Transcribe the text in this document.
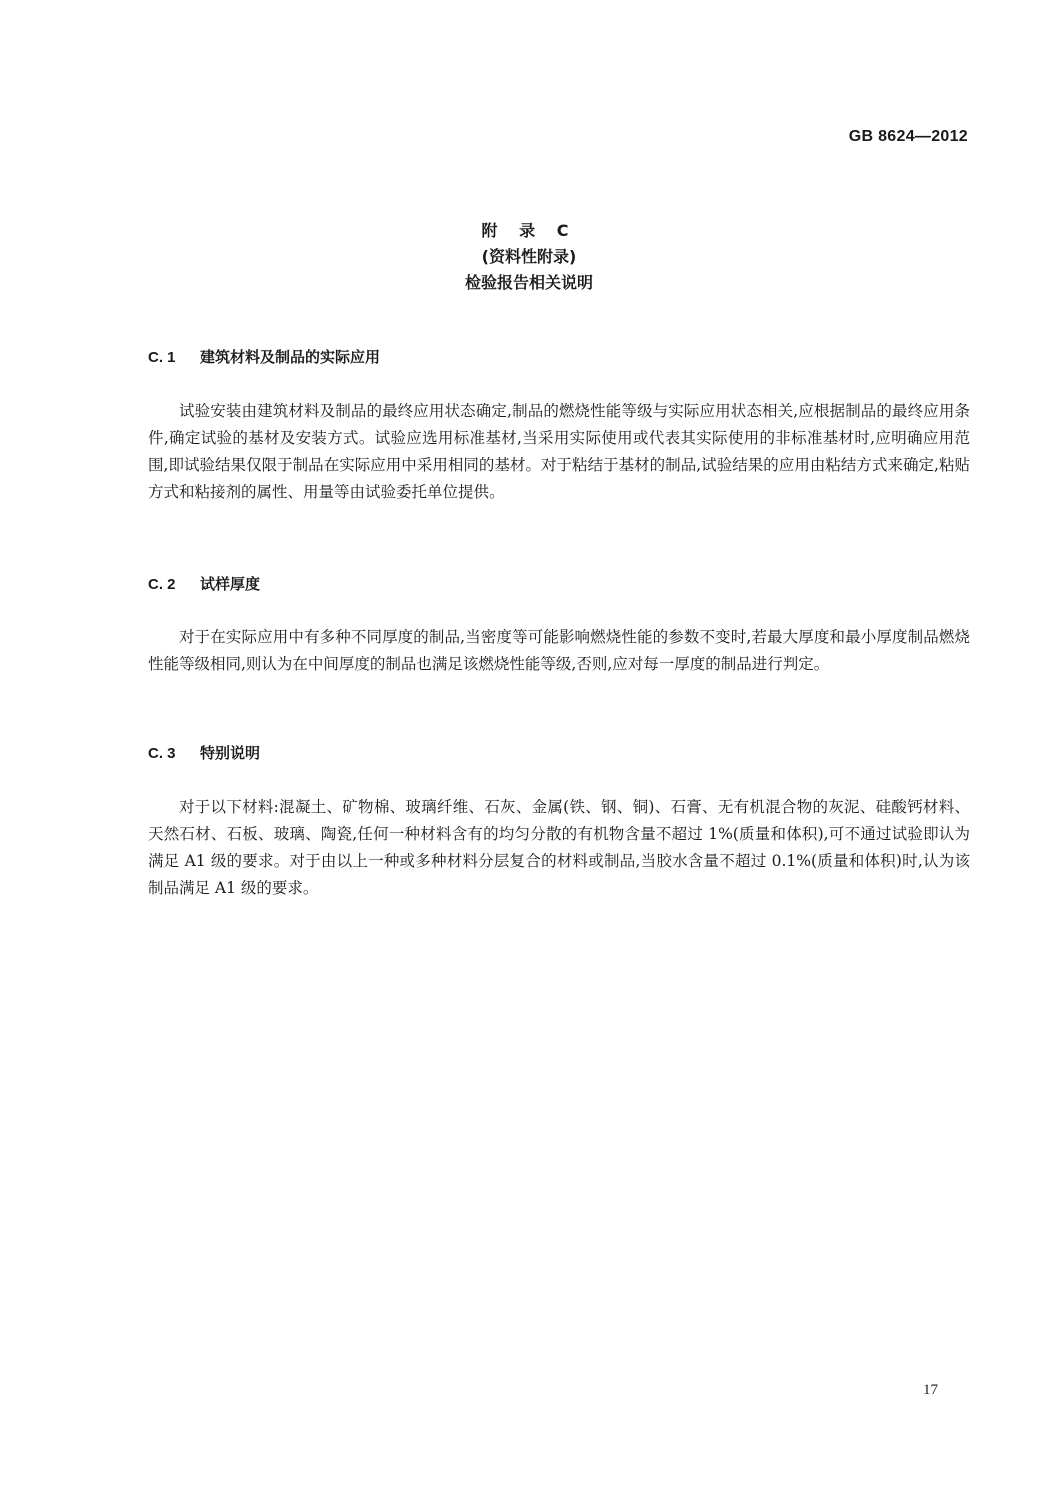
GB 8624—2012
附 录 C
(资料性附录)
检验报告相关说明
C. 1 建筑材料及制品的实际应用
试验安装由建筑材料及制品的最终应用状态确定,制品的燃烧性能等级与实际应用状态相关,应根据制品的最终应用条件,确定试验的基材及安装方式。试验应选用标准基材,当采用实际使用或代表其实际使用的非标准基材时,应明确应用范围,即试验结果仅限于制品在实际应用中采用相同的基材。对于粘结于基材的制品,试验结果的应用由粘结方式来确定,粘贴方式和粘接剂的属性、用量等由试验委托单位提供。
C. 2 试样厚度
对于在实际应用中有多种不同厚度的制品,当密度等可能影响燃烧性能的参数不变时,若最大厚度和最小厚度制品燃烧性能等级相同,则认为在中间厚度的制品也满足该燃烧性能等级,否则,应对每一厚度的制品进行判定。
C. 3 特别说明
对于以下材料:混凝土、矿物棉、玻璃纤维、石灰、金属(铁、钢、铜)、石膏、无有机混合物的灰泥、硅酸钙材料、天然石材、石板、玻璃、陶瓷,任何一种材料含有的均匀分散的有机物含量不超过 1%(质量和体积),可不通过试验即认为满足 A1 级的要求。对于由以上一种或多种材料分层复合的材料或制品,当胶水含量不超过 0.1%(质量和体积)时,认为该制品满足 A1 级的要求。
17
